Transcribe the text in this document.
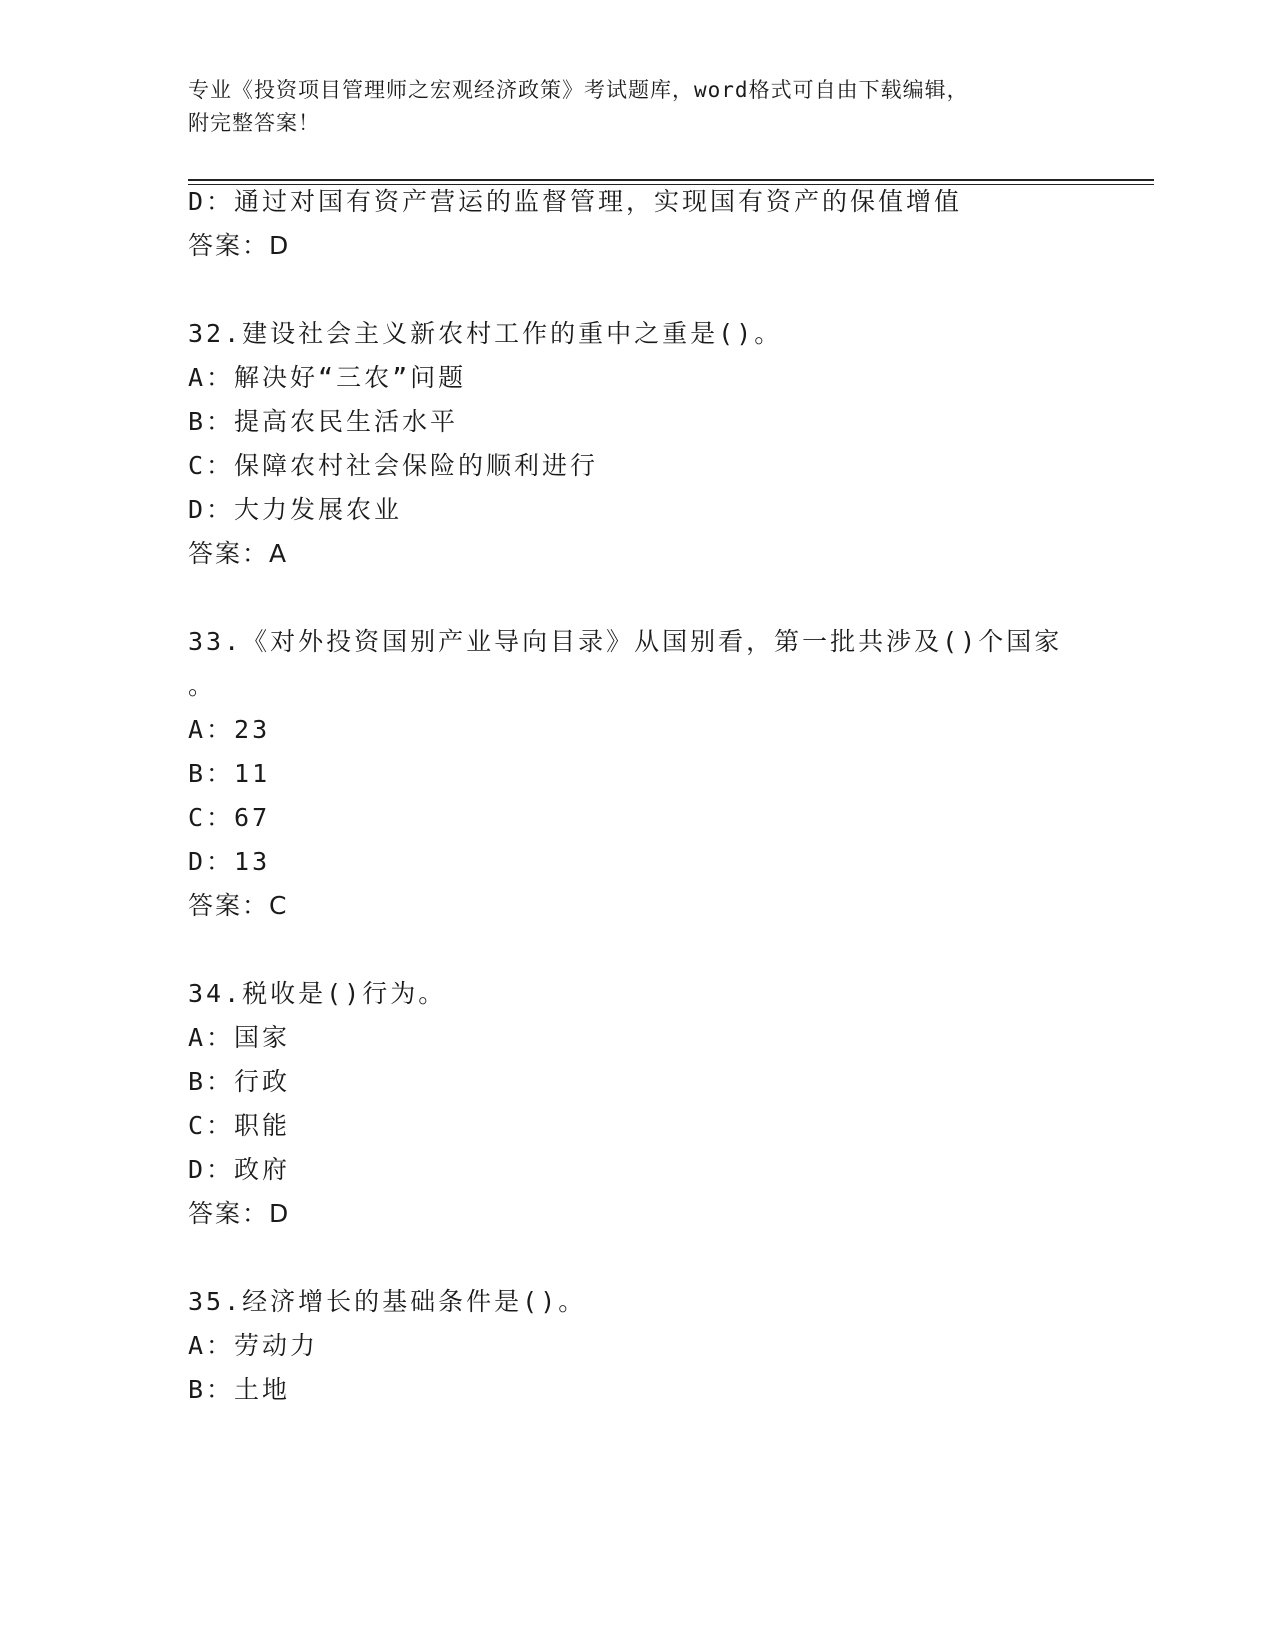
专业《投资项目管理师之宏观经济政策》考试题库，word格式可自由下载编辑，
附完整答案！
D：通过对国有资产营运的监督管理，实现国有资产的保值增值
答案：D
32.建设社会主义新农村工作的重中之重是()。
A：解决好“三农”问题
B：提高农民生活水平
C：保障农村社会保险的顺利进行
D：大力发展农业
答案：A
33.《对外投资国别产业导向目录》从国别看，第一批共涉及()个国家
。
A：23
B：11
C：67
D：13
答案：C
34.税收是()行为。
A：国家
B：行政
C：职能
D：政府
答案：D
35.经济增长的基础条件是()。
A：劳动力
B：土地
